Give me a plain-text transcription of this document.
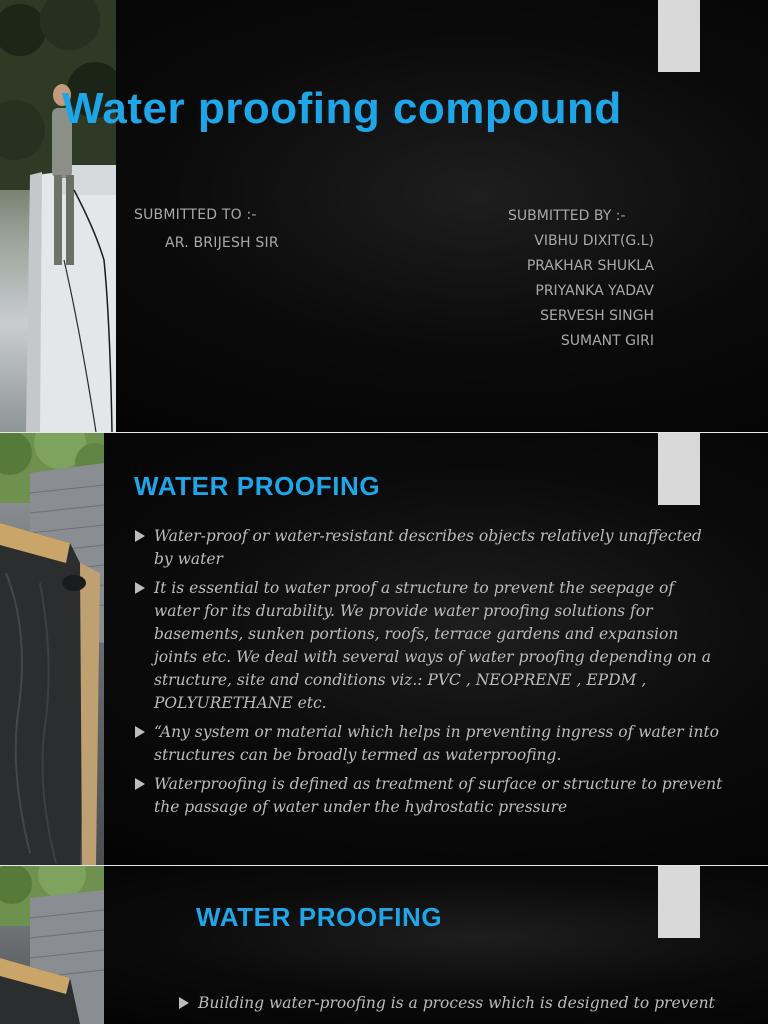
Water proofing compound
SUBMITTED TO :-
AR. BRIJESH SIR
SUBMITTED BY :-
VIBHU DIXIT(G.L)
PRAKHAR SHUKLA
PRIYANKA YADAV
SERVESH SINGH
SUMANT GIRI
WATER PROOFING
Water-proof or water-resistant describes objects relatively unaffected by water
It is essential to water proof a structure to prevent the seepage of water for its durability. We provide water proofing solutions for basements, sunken portions, roofs, terrace gardens and expansion joints etc. We deal with several ways of water proofing depending on a structure, site and conditions viz.: PVC , NEOPRENE , EPDM , POLYURETHANE etc.
“Any system or material which helps in preventing ingress of water into structures can be broadly termed as waterproofing.
Waterproofing is defined as treatment of surface or structure to prevent the passage of water under the hydrostatic pressure
WATER PROOFING
Building water-proofing is a process which is designed to prevent
